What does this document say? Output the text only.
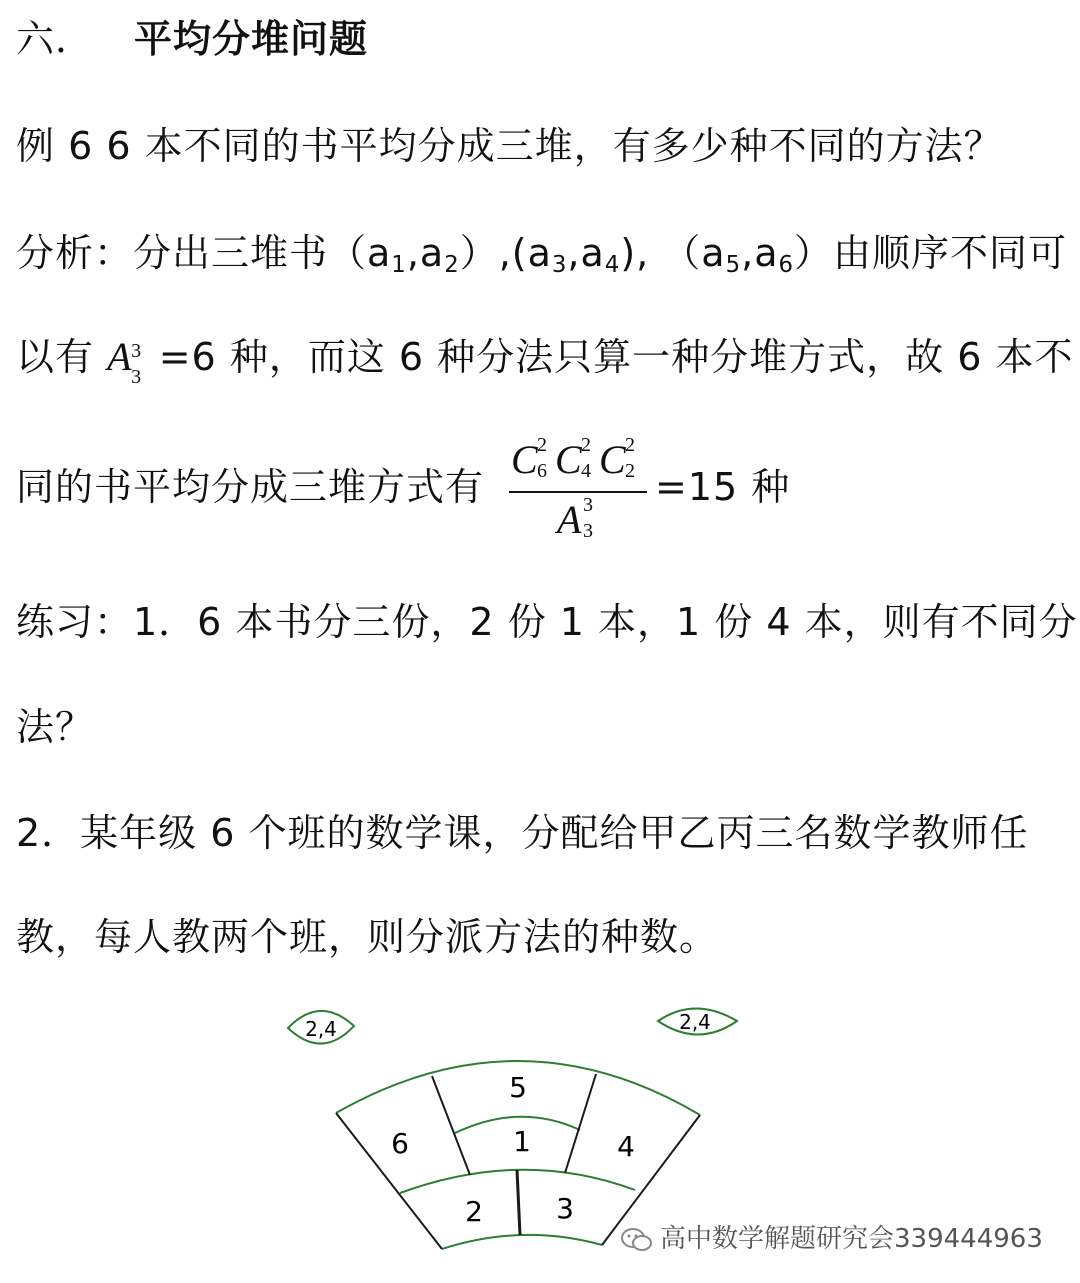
六． 平均分堆问题
例 6 6 本不同的书平均分成三堆，有多少种不同的方法？
分析：分出三堆书$(a_1,a_2),(a_3,a_4)$, $(a_5,a_6)$由顺序不同可
以有 A
3
3 =6 种，而这 6 种分法只算一种分堆方式，故 6 本不
同的书平均分成三堆方式有
C 6
2 C 4
2 C 2
2
A 3
3
=15 种
练习：1．6 本书分三份，2 份 1 本，1 份 4 本，则有不同分
法？
2．某年级 6 个班的数学课，分配给甲乙丙三名数学教师任
教，每人教两个班，则分派方法的种数。
2,4	2,4
5
6	1	4
2	3
高中数学解题研究会339444963
